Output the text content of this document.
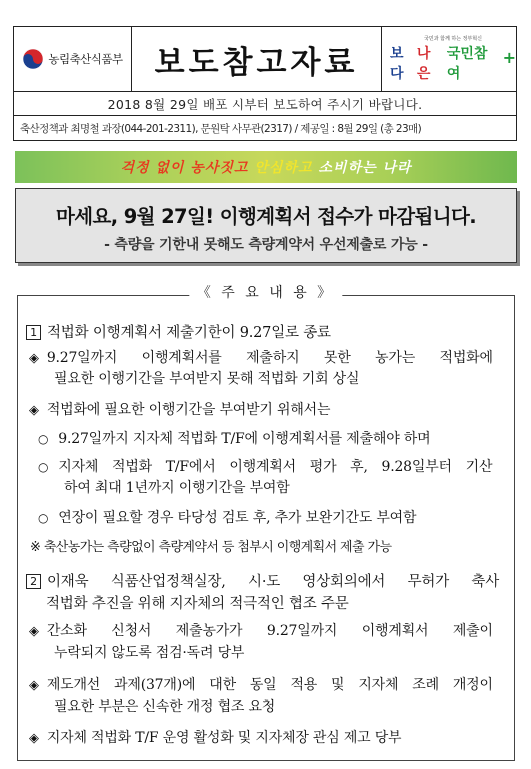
농림축산식품부 보도참고자료
국민과 함께 하는 정부혁신
보다
나은
국민참여
+
2018 8월 29일 배포 시부터 보도하여 주시기 바랍니다.
축산정책과 최명철 과장(044-201-2311), 문원탁 사무관(2317) / 제공일 : 8월 29일 (총 23매)
걱정 없이 농사짓고 안심하고 소비하는 나라
마세요, 9월 27일! 이행계획서 접수가 마감됩니다.
- 측량을 기한내 못해도 측량계약서 우선제출로 가능 -
《 주 요 내 용 》
1 적법화 이행계획서 제출기한이 9.27일로 종료
◈ 9.27일까지 이행계획서를 제출하지 못한 농가는 적법화에
필요한 이행기간을 부여받지 못해 적법화 기회 상실
◈ 적법화에 필요한 이행기간을 부여받기 위해서는
○ 9.27일까지 지자체 적법화 T/F에 이행계획서를 제출해야 하며
○ 지자체 적법화 T/F에서 이행계획서 평가 후, 9.28일부터 기산
하여 최대 1년까지 이행기간을 부여함
○ 연장이 필요할 경우 타당성 검토 후, 추가 보완기간도 부여함
※ 축산농가는 측량없이 측량계약서 등 첨부시 이행계획서 제출 가능
2 이재욱 식품산업정책실장, 시·도 영상회의에서 무허가 축사
적법화 추진을 위해 지자체의 적극적인 협조 주문
◈ 간소화 신청서 제출농가가 9.27일까지 이행계획서 제출이
누락되지 않도록 점검·독려 당부
◈ 제도개선 과제(37개)에 대한 동일 적용 및 지자체 조례 개정이
필요한 부분은 신속한 개정 협조 요청
◈ 지자체 적법화 T/F 운영 활성화 및 지자체장 관심 제고 당부
